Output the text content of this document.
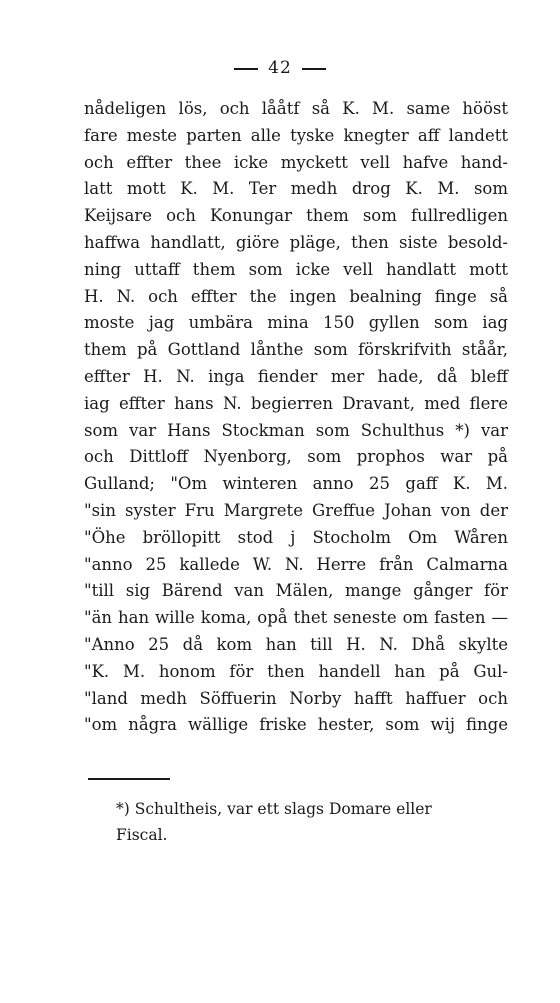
42
nådeligen lös, och lååtf så K. M. same hööst
fare meste parten alle tyske knegter aff landett
och effter thee icke myckett vell hafve hand-
latt mott K. M. Ter medh drog K. M. som
Keijsare och Konungar them som fullredligen
haffwa handlatt, giöre pläge, then siste besold-
ning uttaff them som icke vell handlatt mott
H. N. och effter the ingen bealning finge så
moste jag umbära mina 150 gyllen som iag
them på Gottland lånthe som förskrifvith ståår,
effter H. N. inga fiender mer hade, då bleff
iag effter hans N. begierren Dravant, med flere
som var Hans Stockman som Schulthus *) var
och Dittloff Nyenborg, som prophos war på
Gulland; "Om winteren anno 25 gaff K. M.
"sin syster Fru Margrete Greffue Johan von der
"Öhe bröllopitt stod j Stocholm Om Wåren
"anno 25 kallede W. N. Herre från Calmarna
"till sig Bärend van Mälen, mange gånger för
"än han wille koma, opå thet seneste om fasten —
"Anno 25 då kom han till H. N. Dhå skylte
"K. M. honom för then handell han på Gul-
"land medh Söffuerin Norby hafft haffuer och
"om några wällige friske hester, som wij finge
*) Schultheis, var ett slags Domare eller
Fiscal.
